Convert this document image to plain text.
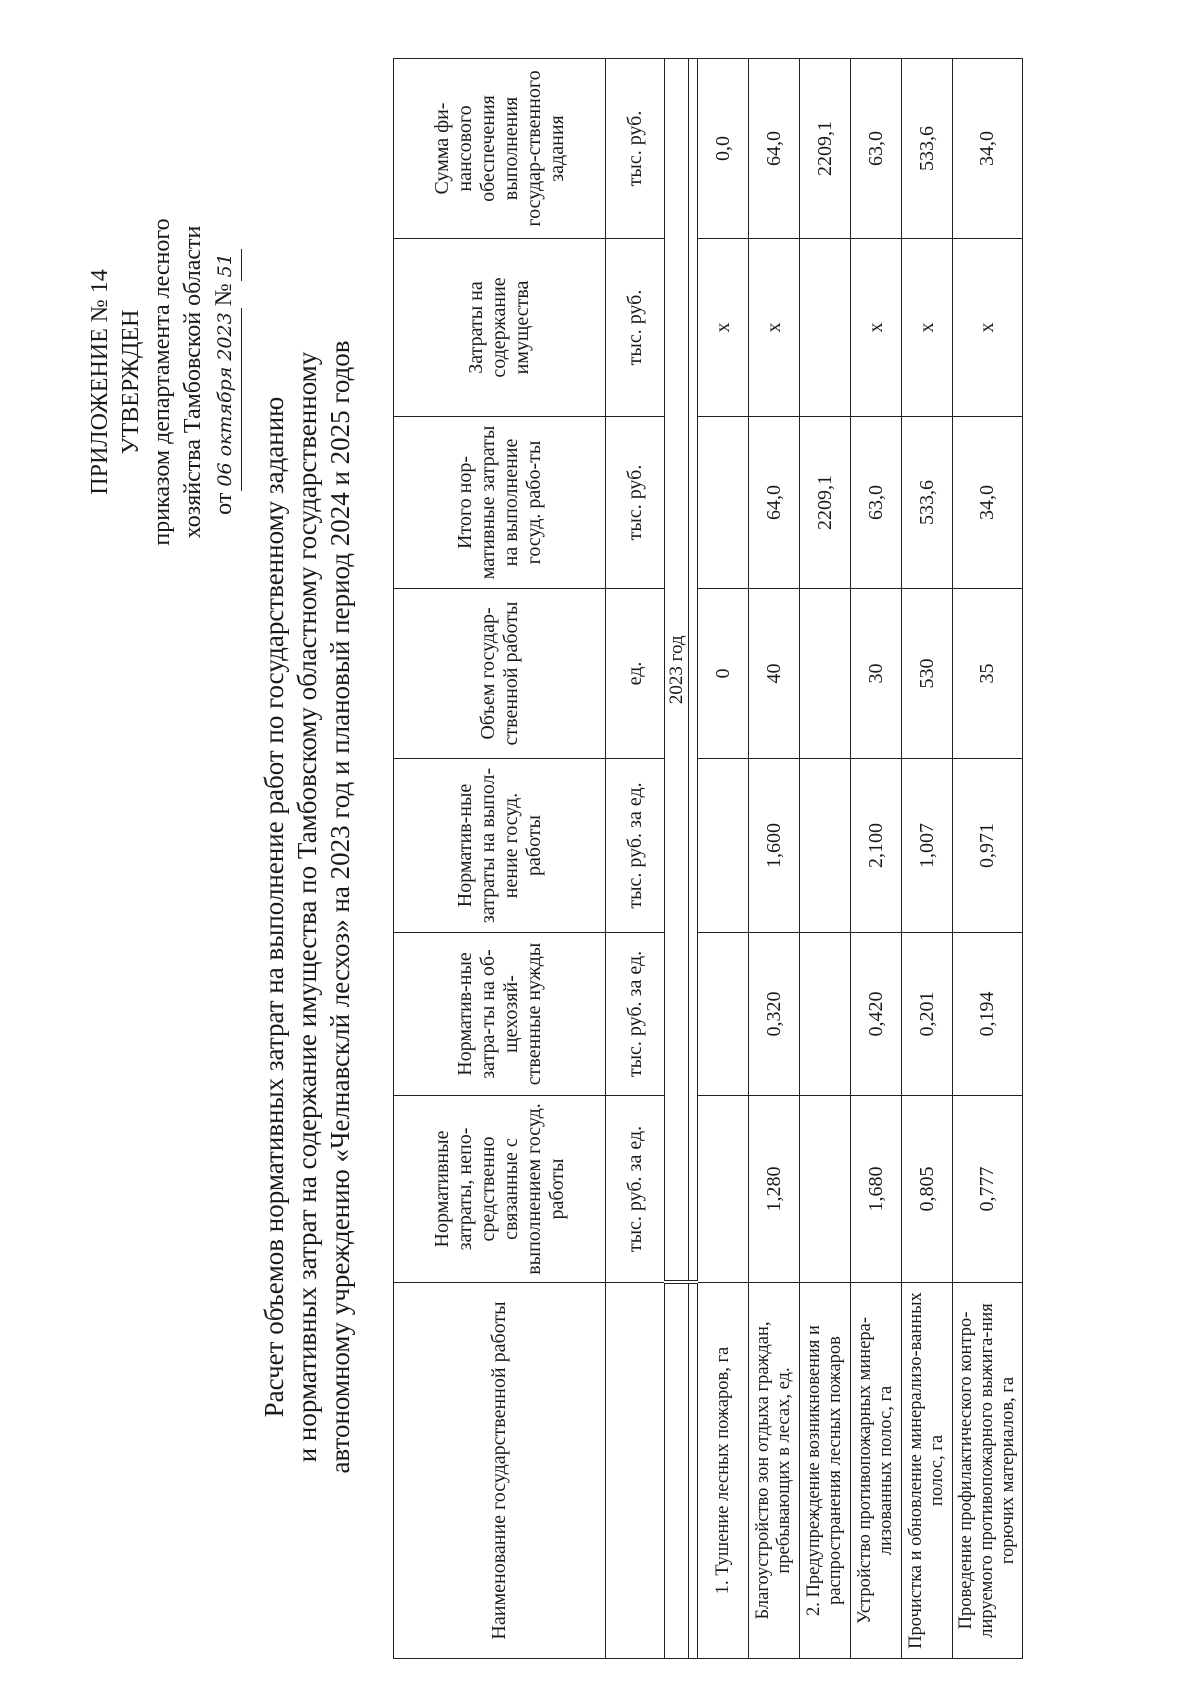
ПРИЛОЖЕНИЕ № 14 УТВЕРЖДЕН приказом департамента лесного хозяйства Тамбовской области от
06 октября 2023
№
51
Расчет объемов нормативных затрат на выполнение работ по государственному заданию и нормативных затрат на содержание имущества по Тамбовскому областному государственному автономному учреждению «Челнавсклй лесхоз» на 2023 год и плановый период 2024 и 2025 годов	Наименование государственной работы	Нормативные затраты, непо-средственно связанные с выполнением госуд. работы	Норматив-ные затра-ты на об-щехозяй-ственные нужды	Норматив-ные затраты на выпол-нение госуд. работы	Объем государ-ственной работы	Итого нор-мативные затраты на выполнение госуд. рабо-ты	Затраты на содержание имущества	Сумма фи-нансового обеспечения выполнения государ-ственного задания
	тыс. руб. за ед.	тыс. руб. за ед.	тыс. руб. за ед.	ед.	тыс. руб.	тыс. руб.	тыс. руб.
	2023 год						

1. Тушение лесных пожаров, га				0		x	0,0
Благоустройство зон отдыха граждан, пребывающих в лесах, ед.	1,280	0,320	1,600	40	64,0	x	64,0
2. Предупреждение возникновения и распространения лесных пожаров					2209,1		2209,1
Устройство противопожарных минера-лизованных полос, га	1,680	0,420	2,100	30	63,0	x	63,0
Прочистка и обновление минерализо-ванных полос, га	0,805	0,201	1,007	530	533,6	x	533,6
Проведение профилактического контро-лируемого противопожарного выжига-ния горючих материалов, га	0,777	0,194	0,971	35	34,0	x	34,0
